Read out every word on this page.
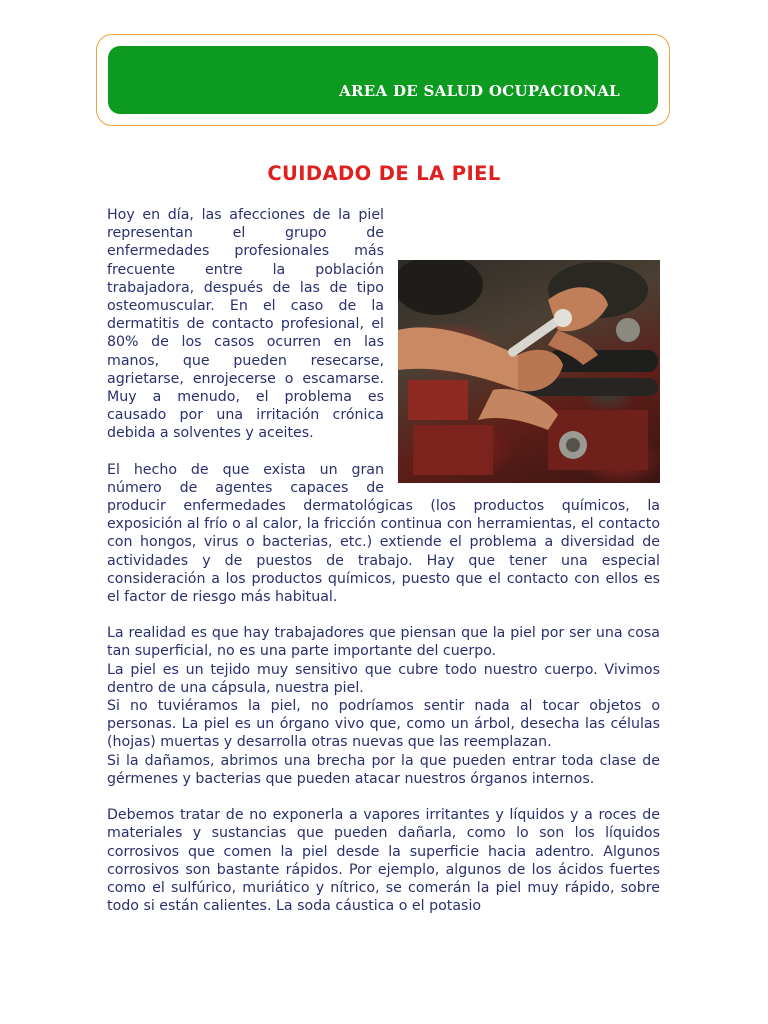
AREA DE SALUD OCUPACIONAL
CUIDADO DE LA PIEL

Hoy en día, las afecciones de la piel representan el grupo de enfermedades profesionales más frecuente entre la población trabajadora, después de las de tipo osteomuscular. En el caso de la dermatitis de contacto profesional, el 80% de los casos ocurren en las manos, que pueden resecarse, agrietarse, enrojecerse o escamarse. Muy a menudo, el problema es causado por una irritación crónica debida a solventes y aceites.

El hecho de que exista un gran número de agentes capaces de producir enfermedades dermatológicas (los productos químicos, la exposición al frío o al calor, la fricción continua con herramientas, el contacto con hongos, virus o bacterias, etc.) extiende el problema a diversidad de actividades y de puestos de trabajo. Hay que tener una especial consideración a los productos químicos, puesto que el contacto con ellos es el factor de riesgo más habitual.

La realidad es que hay trabajadores que piensan que la piel por ser una cosa tan superficial, no es una parte importante del cuerpo.

La piel es un tejido muy sensitivo que cubre todo nuestro cuerpo. Vivimos dentro de una cápsula, nuestra piel.

Si no tuviéramos la piel, no podríamos sentir nada al tocar objetos o personas. La piel es un órgano vivo que, como un árbol, desecha las células (hojas) muertas y desarrolla otras nuevas que las reemplazan.

Si la dañamos, abrimos una brecha por la que pueden entrar toda clase de gérmenes y bacterias que pueden atacar nuestros órganos internos.

Debemos tratar de no exponerla a vapores irritantes y líquidos y a roces de materiales y sustancias que pueden dañarla, como lo son los líquidos corrosivos que comen la piel desde la superficie hacia adentro. Algunos corrosivos son bastante rápidos. Por ejemplo, algunos de los ácidos fuertes como el sulfúrico, muriático y nítrico, se comerán la piel muy rápido, sobre todo si están calientes. La soda cáustica o el potasio
